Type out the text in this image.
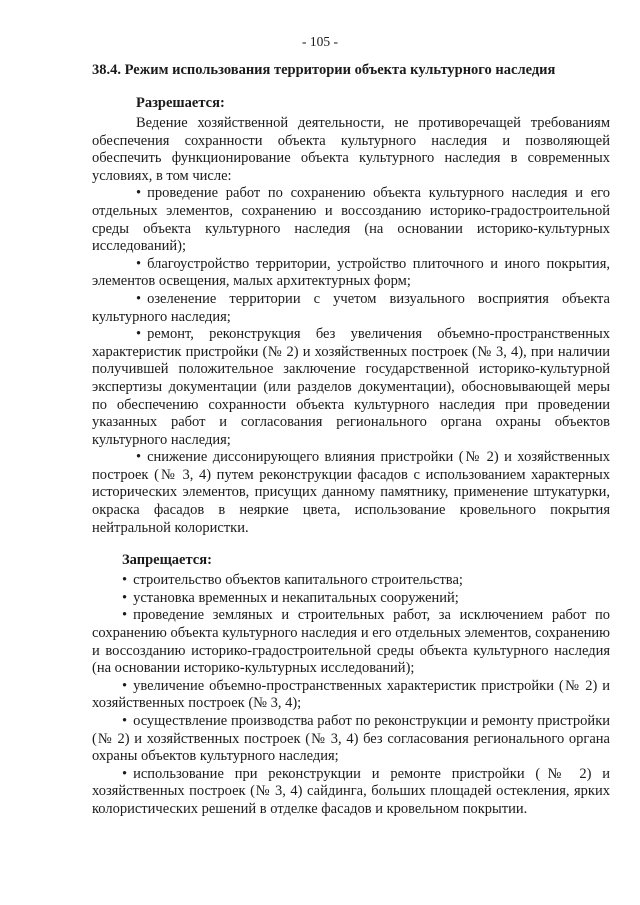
- 105 -
38.4. Режим использования территории объекта культурного наследия
Разрешается:

Ведение хозяйственной деятельности, не противоречащей требованиям обеспечения сохранности объекта культурного наследия и позволяющей обеспечить функционирование объекта культурного наследия в современных условиях, в том числе:

• проведение работ по сохранению объекта культурного наследия и его отдельных элементов, сохранению и воссозданию историко-градостроительной среды объекта культурного наследия (на основании историко-культурных исследований);

• благоустройство территории, устройство плиточного и иного покрытия, элементов освещения, малых архитектурных форм;

• озеленение территории с учетом визуального восприятия объекта культурного наследия;

• ремонт, реконструкция без увеличения объемно-пространственных характеристик пристройки (№ 2) и хозяйственных построек (№ 3, 4), при наличии получившей положительное заключение государственной историко-культурной экспертизы документации (или разделов документации), обосновывающей меры по обеспечению сохранности объекта культурного наследия при проведении указанных работ и согласования регионального органа охраны объектов культурного наследия;

• снижение диссонирующего влияния пристройки (№ 2) и хозяйственных построек (№ 3, 4) путем реконструкции фасадов с использованием характерных исторических элементов, присущих данному памятнику, применение штукатурки, окраска фасадов в неяркие цвета, использование кровельного покрытия нейтральной колористки.

Запрещается:

• строительство объектов капитального строительства;

• установка временных и некапитальных сооружений;

• проведение земляных и строительных работ, за исключением работ по сохранению объекта культурного наследия и его отдельных элементов, сохранению и воссозданию историко-градостроительной среды объекта культурного наследия (на основании историко-культурных исследований);

• увеличение объемно-пространственных характеристик пристройки (№ 2) и хозяйственных построек (№ 3, 4);

• осуществление производства работ по реконструкции и ремонту пристройки (№ 2) и хозяйственных построек (№ 3, 4) без согласования регионального органа охраны объектов культурного наследия;

• использование при реконструкции и ремонте пристройки (№ 2) и хозяйственных построек (№ 3, 4) сайдинга, больших площадей остекления, ярких колористических решений в отделке фасадов и кровельном покрытии.
